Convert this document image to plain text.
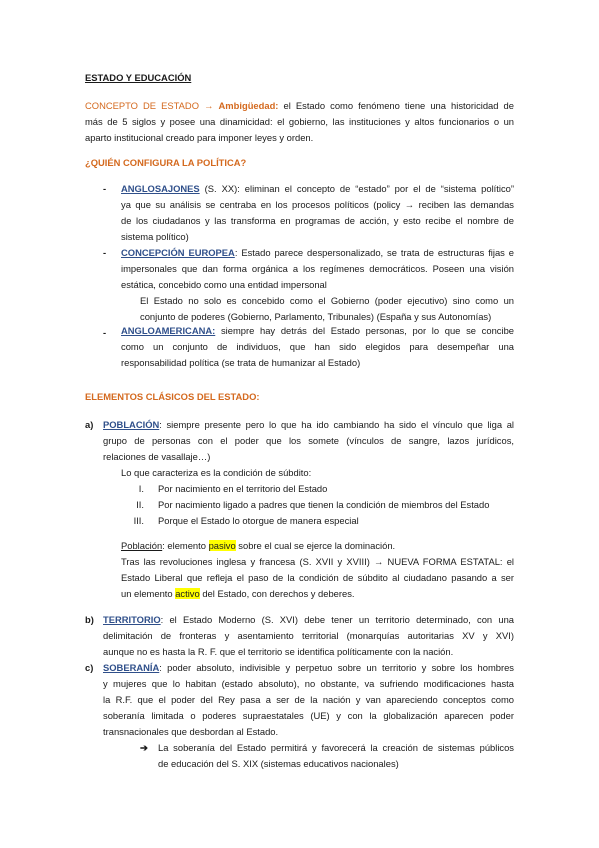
ESTADO Y EDUCACIÓN
CONCEPTO DE ESTADO → Ambigüedad: el Estado como fenómeno tiene una historicidad de
más de 5 siglos y posee una dinamicidad: el gobierno, las instituciones y altos funcionarios o un
aparto institucional creado para imponer leyes y orden.
¿QUIÉN CONFIGURA LA POLÍTICA?
- ANGLOSAJONES (S. XX): eliminan el concepto de “estado” por el de “sistema político”
ya que su análisis se centraba en los procesos políticos (policy → reciben las demandas
de los ciudadanos y las transforma en programas de acción, y esto recibe el nombre de
sistema político)
- CONCEPCIÓN EUROPEA: Estado parece despersonalizado, se trata de estructuras fijas e
impersonales que dan forma orgánica a los regímenes democráticos. Poseen una visión
estática, concebido como una entidad impersonal
El Estado no solo es concebido como el Gobierno (poder ejecutivo) sino como un
conjunto de poderes (Gobierno, Parlamento, Tribunales) (España y sus Autonomías)
- ANGLOAMERICANA: siempre hay detrás del Estado personas, por lo que se concibe
como un conjunto de individuos, que han sido elegidos para desempeñar una
responsabilidad política (se trata de humanizar al Estado)
ELEMENTOS CLÁSICOS DEL ESTADO:
a) POBLACIÓN: siempre presente pero lo que ha ido cambiando ha sido el vínculo que liga al
grupo de personas con el poder que los somete (vínculos de sangre, lazos jurídicos,
relaciones de vasallaje…)
Lo que caracteriza es la condición de súbdito:
I. Por nacimiento en el territorio del Estado
II. Por nacimiento ligado a padres que tienen la condición de miembros del Estado
III. Porque el Estado lo otorgue de manera especial
Población: elemento pasivo sobre el cual se ejerce la dominación.
Tras las revoluciones inglesa y francesa (S. XVII y XVIII) → NUEVA FORMA ESTATAL: el
Estado Liberal que refleja el paso de la condición de súbdito al ciudadano pasando a ser
un elemento activo del Estado, con derechos y deberes.
b) TERRITORIO: el Estado Moderno (S. XVI) debe tener un territorio determinado, con una
delimitación de fronteras y asentamiento territorial (monarquías autoritarias XV y XVI)
aunque no es hasta la R. F. que el territorio se identifica políticamente con la nación.
c) SOBERANÍA: poder absoluto, indivisible y perpetuo sobre un territorio y sobre los hombres
y mujeres que lo habitan (estado absoluto), no obstante, va sufriendo modificaciones hasta
la R.F. que el poder del Rey pasa a ser de la nación y van apareciendo conceptos como
soberanía limitada o poderes supraestatales (UE) y con la globalización aparecen poder
transnacionales que desbordan al Estado.
➔ La soberanía del Estado permitirá y favorecerá la creación de sistemas públicos
de educación del S. XIX (sistemas educativos nacionales)
